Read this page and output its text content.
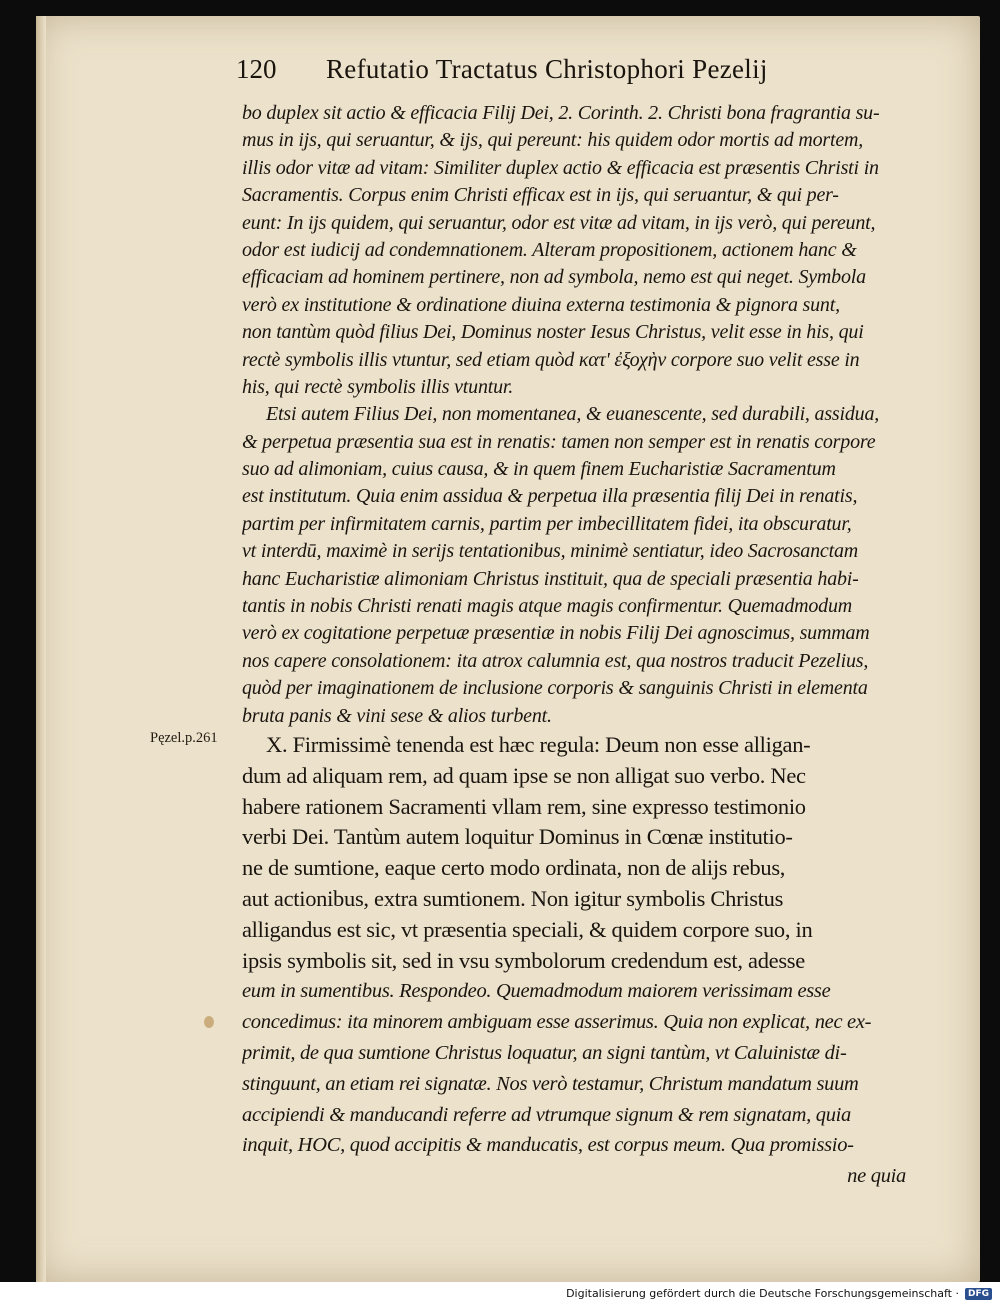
120	Refutatio Tractatus Christophori Pezelij
Pęzel.p.261
bo duplex sit actio & efficacia Filij Dei, 2. Corinth. 2. Christi bona fragrantia su-
mus in ijs, qui seruantur, & ijs, qui pereunt: his quidem odor mortis ad mortem,
illis odor vitæ ad vitam: Similiter duplex actio & efficacia est præsentis Christi in
Sacramentis. Corpus enim Christi efficax est in ijs, qui seruantur, & qui per-
eunt: In ijs quidem, qui seruantur, odor est vitæ ad vitam, in ijs verò, qui pereunt,
odor est iudicij ad condemnationem. Alteram propositionem, actionem hanc &
efficaciam ad hominem pertinere, non ad symbola, nemo est qui neget. Symbola
verò ex institutione & ordinatione diuina externa testimonia & pignora sunt,
non tantùm quòd filius Dei, Dominus noster Iesus Christus, velit esse in his, qui
rectè symbolis illis vtuntur, sed etiam quòd κατ' ἐξοχὴν corpore suo velit esse in
his, qui rectè symbolis illis vtuntur.
Etsi autem Filius Dei, non momentanea, & euanescente, sed durabili, assidua,
& perpetua præsentia sua est in renatis: tamen non semper est in renatis corpore
suo ad alimoniam, cuius causa, & in quem finem Eucharistiæ Sacramentum
est institutum. Quia enim assidua & perpetua illa præsentia filij Dei in renatis,
partim per infirmitatem carnis, partim per imbecillitatem fidei, ita obscuratur,
vt interdū, maximè in serijs tentationibus, minimè sentiatur, ideo Sacrosanctam
hanc Eucharistiæ alimoniam Christus instituit, qua de speciali præsentia habi-
tantis in nobis Christi renati magis atque magis confirmentur. Quemadmodum
verò ex cogitatione perpetuæ præsentiæ in nobis Filij Dei agnoscimus, summam
nos capere consolationem: ita atrox calumnia est, qua nostros traducit Pezelius,
quòd per imaginationem de inclusione corporis & sanguinis Christi in elementa
bruta panis & vini sese & alios turbent.
X. Firmissimè tenenda est hæc regula: Deum non esse alligan-
dum ad aliquam rem, ad quam ipse se non alligat suo verbo. Nec
habere rationem Sacramenti vllam rem, sine expresso testimonio
verbi Dei. Tantùm autem loquitur Dominus in Cœnæ institutio-
ne de sumtione, eaque certo modo ordinata, non de alijs rebus,
aut actionibus, extra sumtionem. Non igitur symbolis Christus
alligandus est sic, vt præsentia speciali, & quidem corpore suo, in
ipsis symbolis sit, sed in vsu symbolorum credendum est, adesse
eum in sumentibus. Respondeo. Quemadmodum maiorem verissimam esse
concedimus: ita minorem ambiguam esse asserimus. Quia non explicat, nec ex-
primit, de qua sumtione Christus loquatur, an signi tantùm, vt Caluinistæ di-
stinguunt, an etiam rei signatæ. Nos verò testamur, Christum mandatum suum
accipiendi & manducandi referre ad vtrumque signum & rem signatam, quia
inquit, HOC, quod accipitis & manducatis, est corpus meum. Qua promissio-
ne quia
Digitalisierung gefördert durch die Deutsche Forschungsgemeinschaft ·	DFG
